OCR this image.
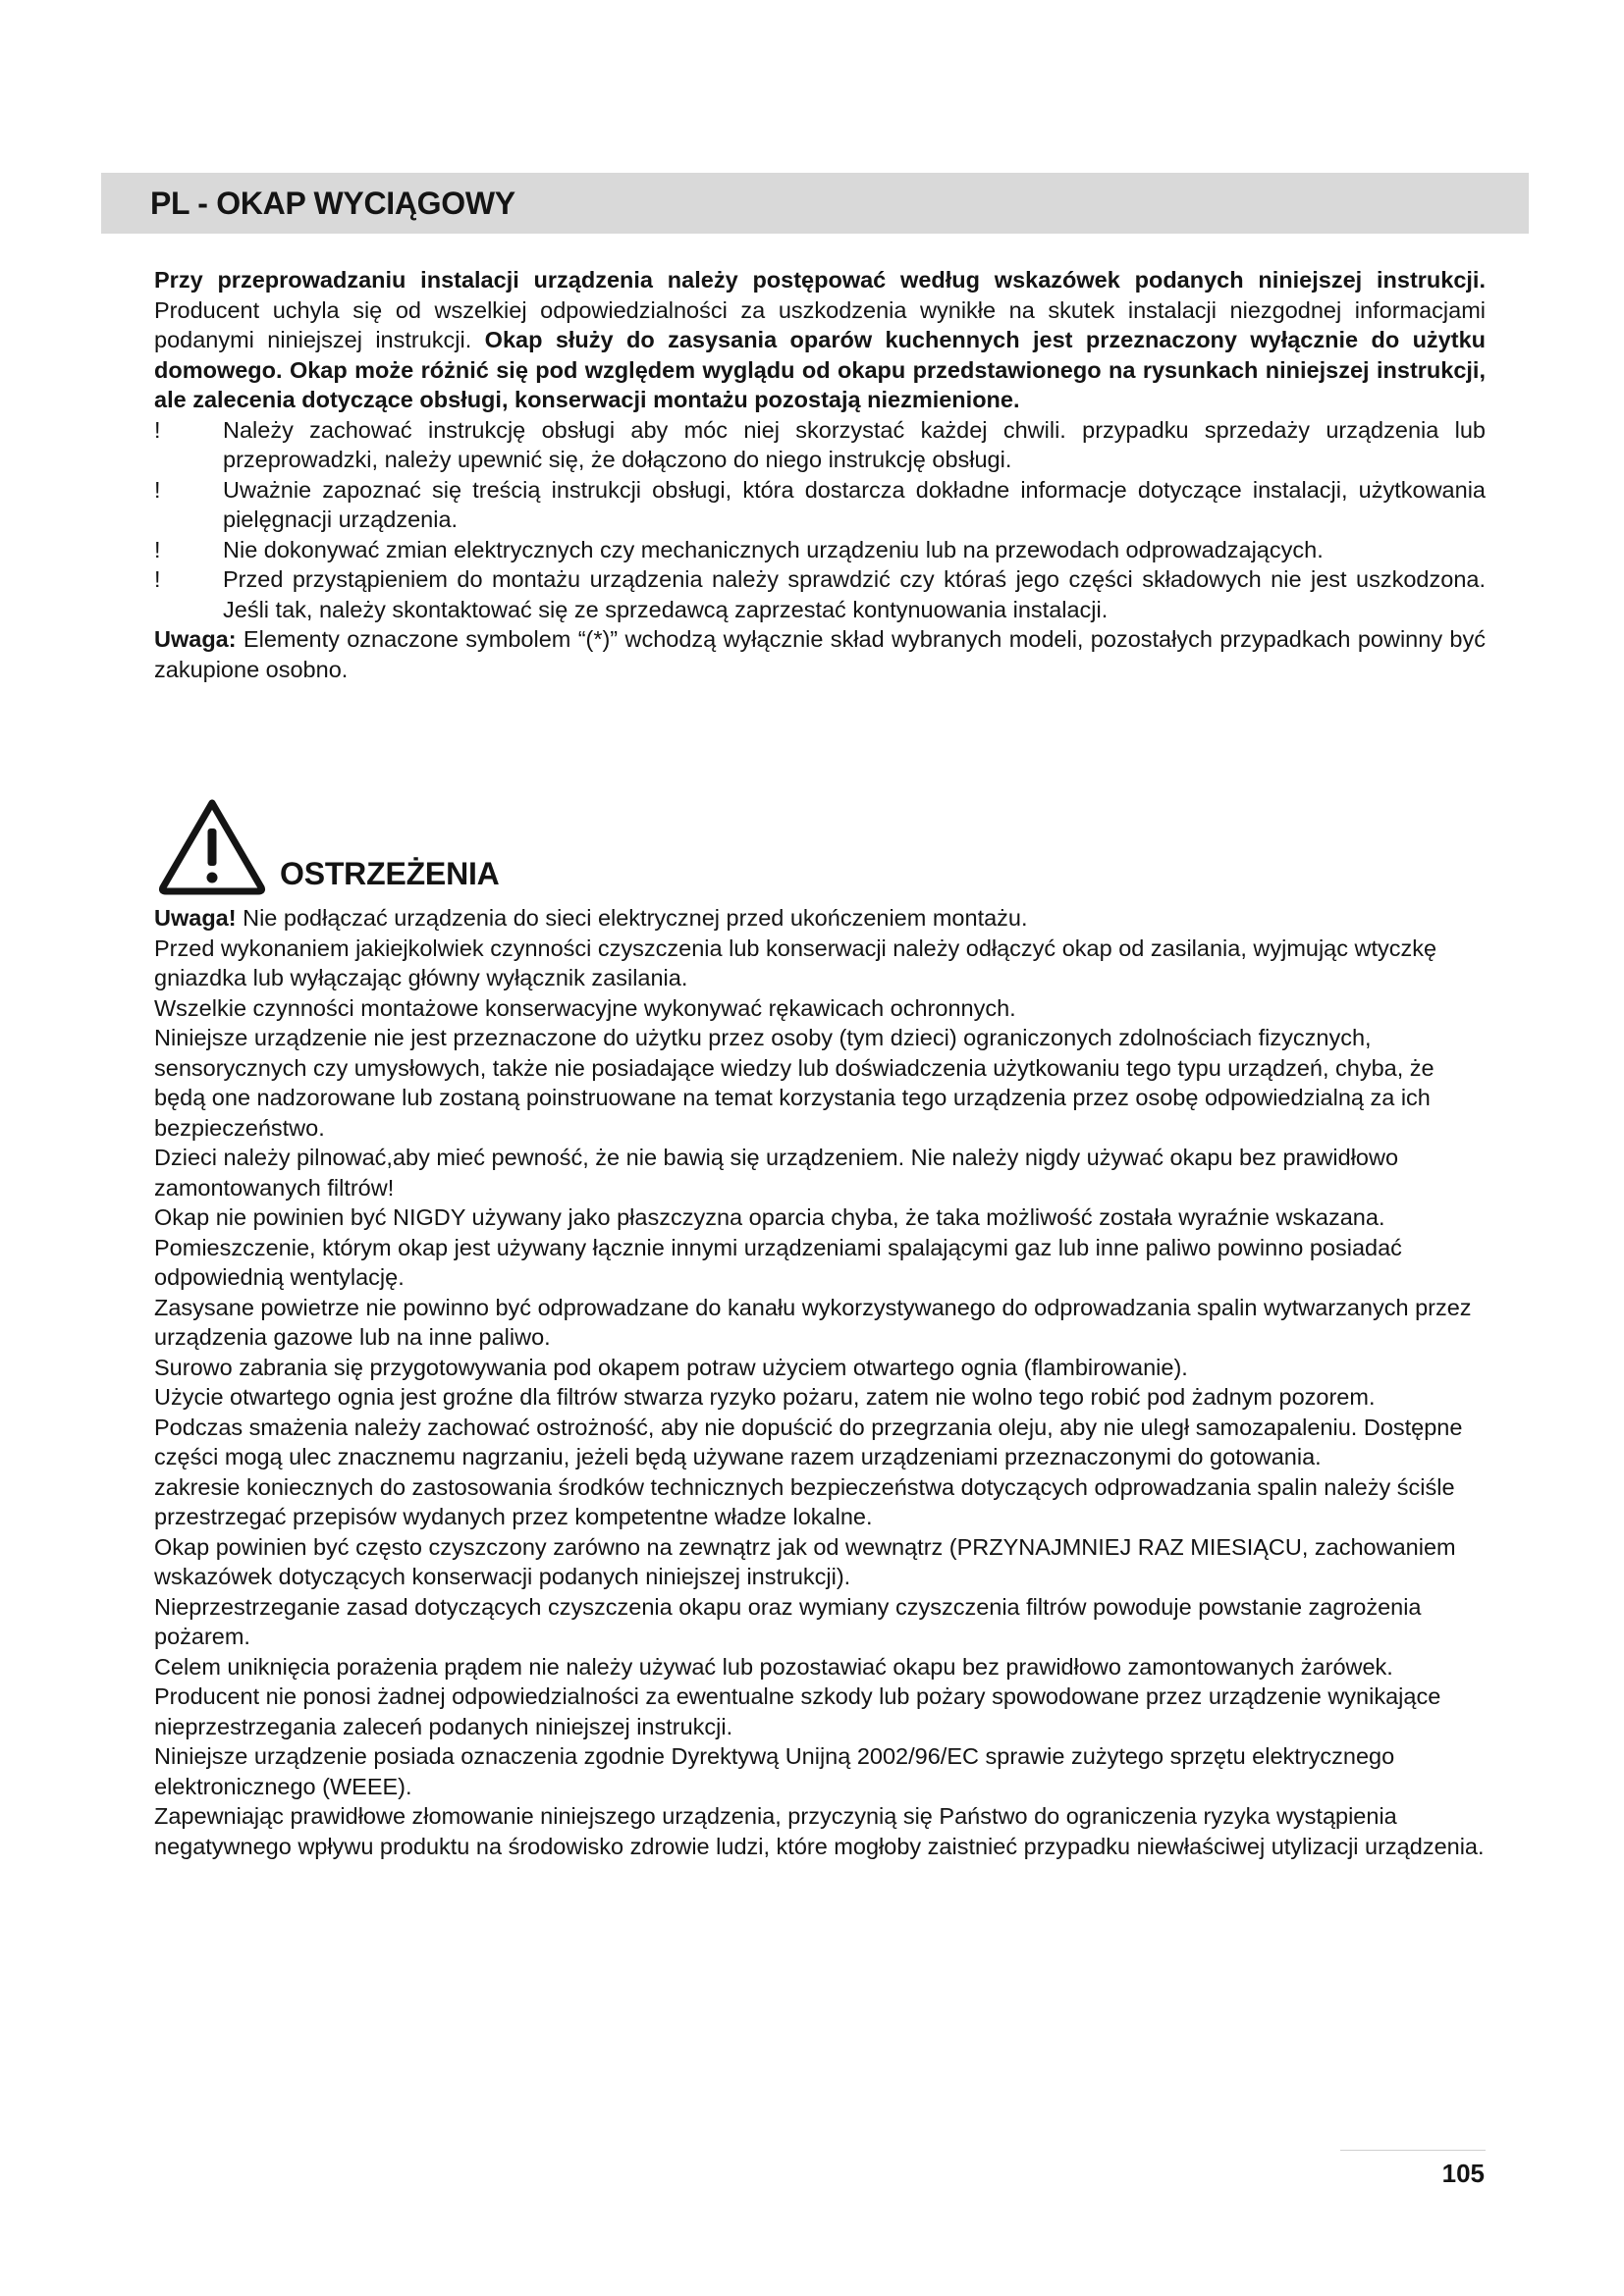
PL - OKAP WYCIĄGOWY

Przy przeprowadzaniu instalacji urządzenia należy postępować według wskazówek podanych niniejszej instrukcji. Producent uchyla się od wszelkiej odpowiedzialności za uszkodzenia wynikłe na skutek instalacji niezgodnej informacjami podanymi niniejszej instrukcji. Okap służy do zasysania oparów kuchennych jest przeznaczony wyłącznie do użytku domowego. Okap może różnić się pod względem wyglądu od okapu przedstawionego na rysunkach niniejszej instrukcji, ale zalecenia dotyczące obsługi, konserwacji montażu pozostają niezmienione.

!	Należy zachować instrukcję obsługi aby móc niej skorzystać każdej chwili. przypadku sprzedaży urządzenia lub przeprowadzki, należy upewnić się, że dołączono do niego instrukcję obsługi.
!	Uważnie zapoznać się treścią instrukcji obsługi, która dostarcza dokładne informacje dotyczące instalacji, użytkowania pielęgnacji urządzenia.
!	Nie dokonywać zmian elektrycznych czy mechanicznych urządzeniu lub na przewodach odprowadzających.
!	Przed przystąpieniem do montażu urządzenia należy sprawdzić czy któraś jego części składowych nie jest uszkodzona. Jeśli tak, należy skontaktować się ze sprzedawcą zaprzestać kontynuowania instalacji.

Uwaga: Elementy oznaczone symbolem “(*)” wchodzą wyłącznie skład wybranych modeli, pozostałych przypadkach powinny być zakupione osobno.

OSTRZEŻENIA

Uwaga! Nie podłączać urządzenia do sieci elektrycznej przed ukończeniem montażu.

Przed wykonaniem jakiejkolwiek czynności czyszczenia lub konserwacji należy odłączyć okap od zasilania, wyjmując wtyczkę gniazdka lub wyłączając główny wyłącznik zasilania.

Wszelkie czynności montażowe konserwacyjne wykonywać rękawicach ochronnych.

Niniejsze urządzenie nie jest przeznaczone do użytku przez osoby (tym dzieci) ograniczonych zdolnościach fizycznych, sensorycznych czy umysłowych, także nie posiadające wiedzy lub doświadczenia użytkowaniu tego typu urządzeń, chyba, że będą one nadzorowane lub zostaną poinstruowane na temat korzystania tego urządzenia przez osobę odpowiedzialną za ich bezpieczeństwo.

Dzieci należy pilnować,aby mieć pewność, że nie bawią się urządzeniem. Nie należy nigdy używać okapu bez prawidłowo zamontowanych filtrów!

Okap nie powinien być NIGDY używany jako płaszczyzna oparcia chyba, że taka możliwość została wyraźnie wskazana.

Pomieszczenie, którym okap jest używany łącznie innymi urządzeniami spalającymi gaz lub inne paliwo powinno posiadać odpowiednią wentylację.

Zasysane powietrze nie powinno być odprowadzane do kanału wykorzystywanego do odprowadzania spalin wytwarzanych przez urządzenia gazowe lub na inne paliwo.

Surowo zabrania się przygotowywania pod okapem potraw użyciem otwartego ognia (flambirowanie).

Użycie otwartego ognia jest groźne dla filtrów stwarza ryzyko pożaru, zatem nie wolno tego robić pod żadnym pozorem.

Podczas smażenia należy zachować ostrożność, aby nie dopuścić do przegrzania oleju, aby nie uległ samozapaleniu. Dostępne części mogą ulec znacznemu nagrzaniu, jeżeli będą używane razem urządzeniami przeznaczonymi do gotowania.

zakresie koniecznych do zastosowania środków technicznych bezpieczeństwa dotyczących odprowadzania spalin należy ściśle przestrzegać przepisów wydanych przez kompetentne władze lokalne.

Okap powinien być często czyszczony zarówno na zewnątrz jak od wewnątrz (PRZYNAJMNIEJ RAZ MIESIĄCU, zachowaniem wskazówek dotyczących konserwacji podanych niniejszej instrukcji).

Nieprzestrzeganie zasad dotyczących czyszczenia okapu oraz wymiany czyszczenia filtrów powoduje powstanie zagrożenia pożarem.

Celem uniknięcia porażenia prądem nie należy używać lub pozostawiać okapu bez prawidłowo zamontowanych żarówek.

Producent nie ponosi żadnej odpowiedzialności za ewentualne szkody lub pożary spowodowane przez urządzenie wynikające nieprzestrzegania zaleceń podanych niniejszej instrukcji.

Niniejsze urządzenie posiada oznaczenia zgodnie Dyrektywą Unijną 2002/96/EC sprawie zużytego sprzętu elektrycznego elektronicznego (WEEE).

Zapewniając prawidłowe złomowanie niniejszego urządzenia, przyczynią się Państwo do ograniczenia ryzyka wystąpienia negatywnego wpływu produktu na środowisko zdrowie ludzi, które mogłoby zaistnieć przypadku niewłaściwej utylizacji urządzenia.

105
